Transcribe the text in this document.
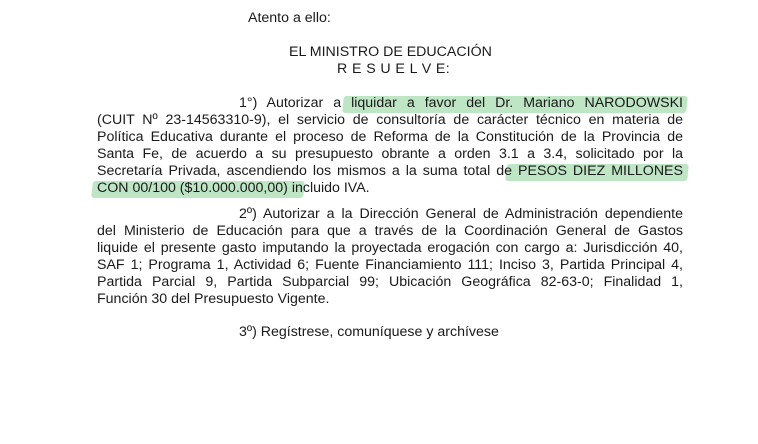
Atento a ello:
EL MINISTRO DE EDUCACIÓN
R E S U E L V E:
1°) Autorizar a liquidar a favor del Dr. Mariano NARODOWSKI
(CUIT Nº 23-14563310-9), el servicio de consultoría de carácter técnico en materia de
Política Educativa durante el proceso de Reforma de la Constitución de la Provincia de
Santa Fe, de acuerdo a su presupuesto obrante a orden 3.1 a 3.4, solicitado por la
Secretaría Privada, ascendiendo los mismos a la suma total de PESOS DIEZ MILLONES
CON 00/100 ($10.000.000,00) incluido IVA.
2º) Autorizar a la Dirección General de Administración dependiente
del Ministerio de Educación para que a través de la Coordinación General de Gastos
liquide el presente gasto imputando la proyectada erogación con cargo a: Jurisdicción 40,
SAF 1; Programa 1, Actividad 6; Fuente Financiamiento 111; Inciso 3, Partida Principal 4,
Partida Parcial 9, Partida Subparcial 99; Ubicación Geográfica 82-63-0; Finalidad 1,
Función 30 del Presupuesto Vigente.
3º) Regístrese, comuníquese y archívese
